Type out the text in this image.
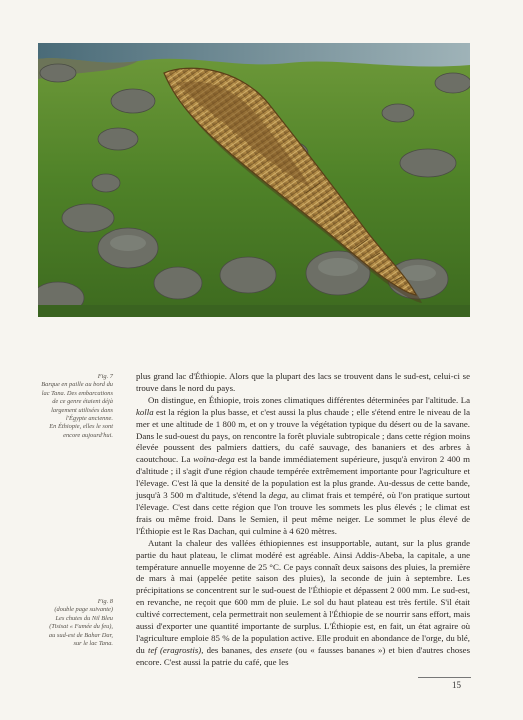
Fig. 7
Barque en paille au bord du
lac Tana. Des embarcations
de ce genre étaient déjà
largement utilisées dans
l'Égypte ancienne.
En Éthiopie, elles le sont
encore aujourd'hui.
Fig. 8
(double page suivante)
Les chutes du Nil Bleu
(Tisisat « Fumée du feu),
au sud-est de Bahar Dar,
sur le lac Tana.

plus grand lac d'Éthiopie. Alors que la plupart des lacs se trouvent dans le sud-est, celui-ci se trouve dans le nord du pays.

On distingue, en Éthiopie, trois zones climatiques différentes déterminées par l'altitude. La kolla est la région la plus basse, et c'est aussi la plus chaude ; elle s'étend entre le niveau de la mer et une altitude de 1 800 m, et on y trouve la végétation typique du désert ou de la savane. Dans le sud-ouest du pays, on rencontre la forêt pluviale subtropicale ; dans cette région moins élevée poussent des palmiers dattiers, du café sauvage, des bananiers et des arbres à caoutchouc. La woïna-dega est la bande immédiatement supérieure, jusqu'à environ 2 400 m d'altitude ; il s'agit d'une région chaude tempérée extrêmement importante pour l'agriculture et l'élevage. C'est là que la densité de la population est la plus grande. Au-dessus de cette bande, jusqu'à 3 500 m d'altitude, s'étend la dega, au climat frais et tempéré, où l'on pratique surtout l'élevage. C'est dans cette région que l'on trouve les sommets les plus élevés ; le climat est frais ou même froid. Dans le Semien, il peut même neiger. Le sommet le plus élevé de l'Éthiopie est le Ras Dachan, qui culmine à 4 620 mètres.

Autant la chaleur des vallées éthiopiennes est insupportable, autant, sur la plus grande partie du haut plateau, le climat modéré est agréable. Ainsi Addis-Abeba, la capitale, a une température annuelle moyenne de 25 °C. Ce pays connaît deux saisons des pluies, la première de mars à mai (appelée petite saison des pluies), la seconde de juin à septembre. Les précipitations se concentrent sur le sud-ouest de l'Éthiopie et dépassent 2 000 mm. Le sud-est, en revanche, ne reçoit que 600 mm de pluie. Le sol du haut plateau est très fertile. S'il était cultivé correctement, cela permettrait non seulement à l'Éthiopie de se nourrir sans effort, mais aussi d'exporter une quantité importante de surplus. L'Éthiopie est, en fait, un état agraire où l'agriculture emploie 85 % de la population active. Elle produit en abondance de l'orge, du blé, du tef (eragrostis), des bananes, des ensete (ou « fausses bananes ») et bien d'autres choses encore. C'est aussi la patrie du café, que les

15
